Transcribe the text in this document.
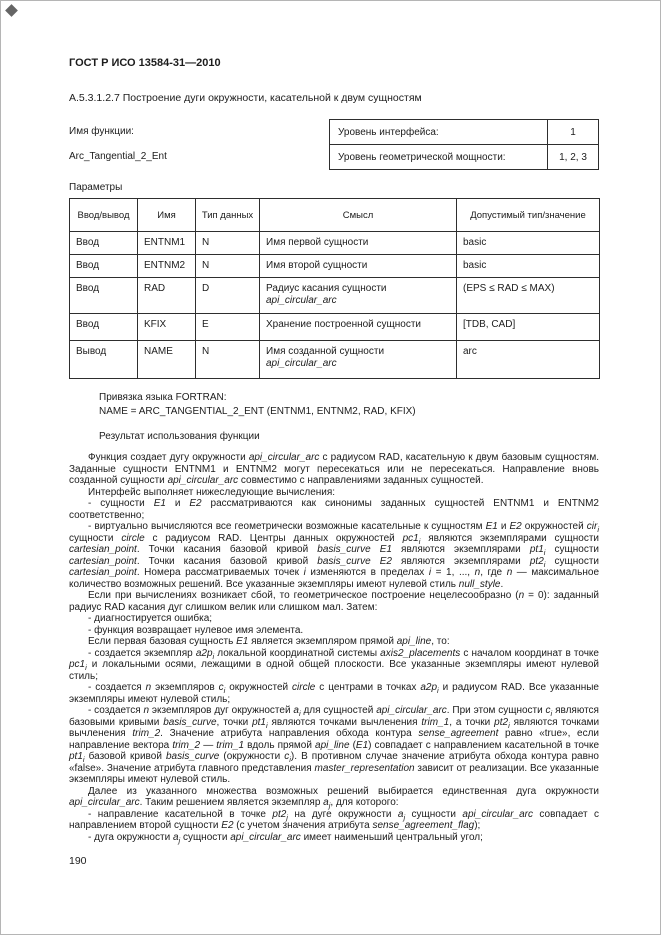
ГОСТ Р ИСО 13584-31—2010
А.5.3.1.2.7 Построение дуги окружности, касательной к двум сущностям
Имя функции:
Arc_Tangential_2_Ent
Уровень интерфейса:	1
Уровень геометрической мощности:	1, 2, 3
Параметры
Ввод/вывод	Имя	Тип данных	Смысл	Допустимый тип/значение
Ввод	ENTNM1	N	Имя первой сущности	basic
Ввод	ENTNM2	N	Имя второй сущности	basic
Ввод	RAD	D	Радиус касания сущности api_circular_arc	(EPS ≤ RAD ≤ MAX)
Ввод	KFIX	E	Хранение построенной сущности	[TDB, CAD]
Вывод	NAME	N	Имя созданной сущности api_circular_arc	arc
Привязка языка FORTRAN:
NAME = ARC_TANGENTIAL_2_ENT (ENTNM1, ENTNM2, RAD, KFIX)
Результат использования функции

Функция создает дугу окружности api_circular_arc с радиусом RAD, касательную к двум базовым сущностям. Заданные сущности ENTNM1 и ENTNM2 могут пересекаться или не пересекаться. Направление вновь созданной сущности api_circular_arc совместимо с направлениями заданных сущностей.

Интерфейс выполняет нижеследующие вычисления:

- сущности E1 и E2 рассматриваются как синонимы заданных сущностей ENTNM1 и ENTNM2 соответственно;

- виртуально вычисляются все геометрически возможные касательные к сущностям E1 и E2 окружностей cir$_i$ сущности circle с радиусом RAD. Центры данных окружностей $pc1_i$ являются экземплярами сущности cartesian_point. Точки касания базовой кривой basis_curve E1 являются экземплярами $pt1_i$ сущности cartesian_point. Точки касания базовой кривой basis_curve E2 являются экземплярами $pt2_i$ сущности cartesian_point. Номера рассматриваемых точек i изменяются в пределах i = 1, ..., n, где n — максимальное количество возможных решений. Все указанные экземпляры имеют нулевой стиль null_style.

Если при вычислениях возникает сбой, то геометрическое построение нецелесообразно (n = 0): заданный радиус RAD касания дуг слишком велик или слишком мал. Затем:

- диагностируется ошибка;

- функция возвращает нулевое имя элемента.

Если первая базовая сущность E1 является экземпляром прямой api_line, то:

- создается экземпляр $a2p_i$ локальной координатной системы axis2_placements с началом координат в точке $pc1_i$ и локальными осями, лежащими в одной общей плоскости. Все указанные экземпляры имеют нулевой стиль;

- создается n экземпляров $c_i$ окружностей circle с центрами в точках $a2p_i$ и радиусом RAD. Все указанные экземпляры имеют нулевой стиль;

- создается n экземпляров дуг окружностей $a_i$ для сущностей api_circular_arc. При этом сущности $c_i$ являются базовыми кривыми basis_curve, точки $pt1_i$ являются точками вычленения trim_1, а точки $pt2_i$ являются точками вычленения trim_2. Значение атрибута направления обхода контура sense_agreement равно «true», если направление вектора trim_2 — trim_1 вдоль прямой api_line (E1) совпадает с направлением касательной в точке $pt1_i$ базовой кривой basis_curve (окружности $c_i$). В противном случае значение атрибута обхода контура равно «false». Значение атрибута главного представления master_representation зависит от реализации. Все указанные экземпляры имеют нулевой стиль.

Далее из указанного множества возможных решений выбирается единственная дуга окружности api_circular_arc. Таким решением является экземпляр $a_j$, для которого:

- направление касательной в точке $pt2_j$ на дуге окружности $a_j$ сущности api_circular_arc совпадает с направлением второй сущности E2 (с учетом значения атрибута sense_agreement_flag);

- дуга окружности $a_j$ сущности api_circular_arc имеет наименьший центральный угол;

190
